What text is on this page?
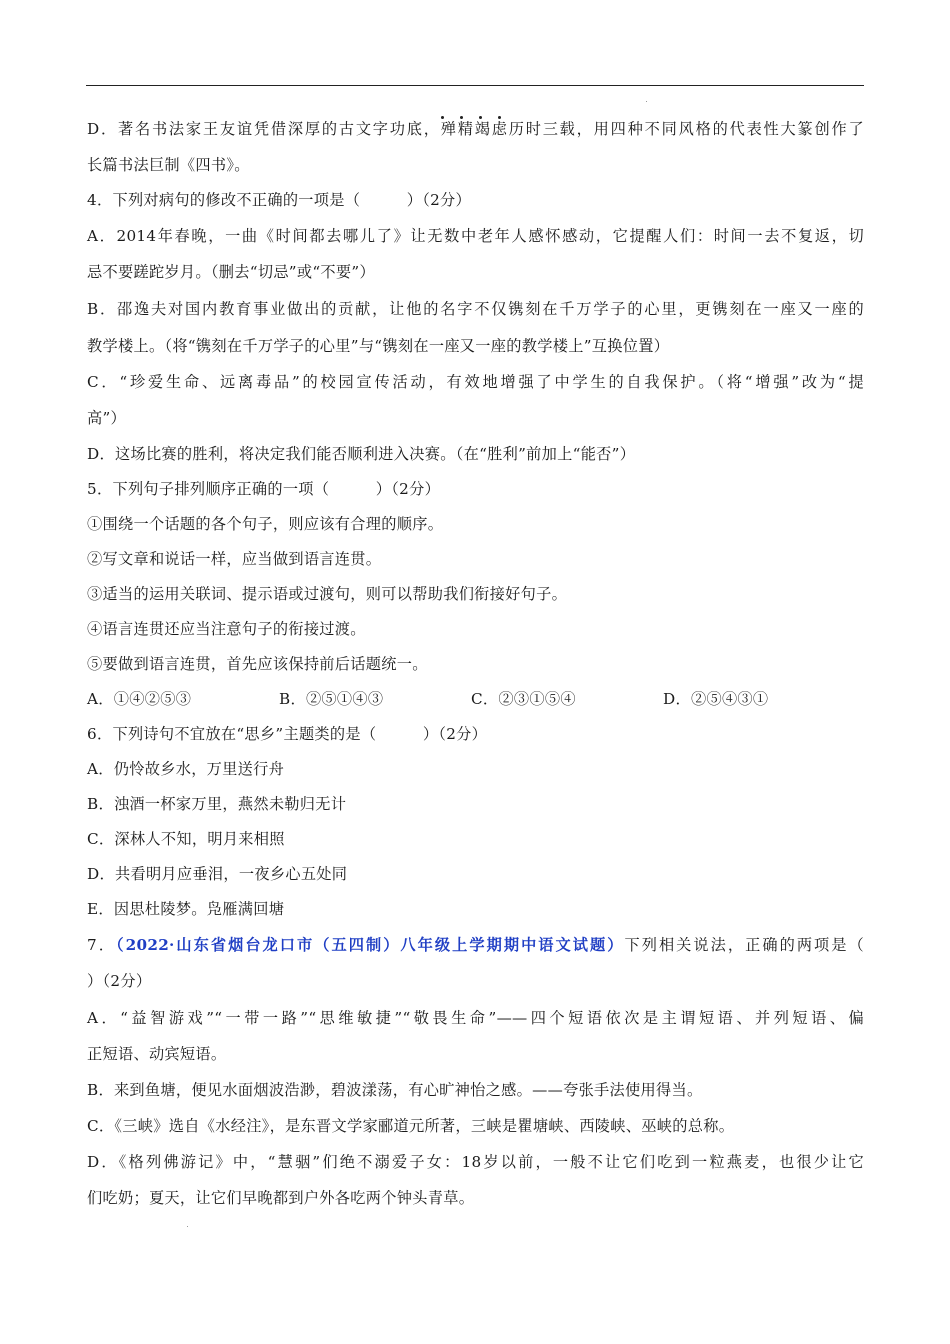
D．著名书法家王友谊凭借深厚的古文字功底，殚精竭虑历时三载，用四种不同风格的代表性大篆创作了
长篇书法巨制《四书》。
4．下列对病句的修改不正确的一项是（　　　）（2分）
A．2014年春晚，一曲《时间都去哪儿了》让无数中老年人感怀感动，它提醒人们：时间一去不复返，切
忌不要蹉跎岁月。（删去“切忌”或“不要”）
B．邵逸夫对国内教育事业做出的贡献，让他的名字不仅镌刻在千万学子的心里，更镌刻在一座又一座的
教学楼上。（将“镌刻在千万学子的心里”与“镌刻在一座又一座的教学楼上”互换位置）
C．“珍爱生命、远离毒品”的校园宣传活动，有效地增强了中学生的自我保护。（将“增强”改为“提
高”）
D．这场比赛的胜利，将决定我们能否顺利进入决赛。（在“胜利”前加上“能否”）
5．下列句子排列顺序正确的一项（　　　）（2分）
①围绕一个话题的各个句子，则应该有合理的顺序。
②写文章和说话一样，应当做到语言连贯。
③适当的运用关联词、提示语或过渡句，则可以帮助我们衔接好句子。
④语言连贯还应当注意句子的衔接过渡。
⑤要做到语言连贯，首先应该保持前后话题统一。
A．①④②⑤③	B．②⑤①④③	C．②③①⑤④	D．②⑤④③①
6．下列诗句不宜放在“思乡”主题类的是（　　　）（2分）
A．仍怜故乡水，万里送行舟
B．浊酒一杯家万里，燕然未勒归无计
C．深林人不知，明月来相照
D．共看明月应垂泪，一夜乡心五处同
E．因思杜陵梦。凫雁满回塘
7．（2022·山东省烟台龙口市（五四制）八年级上学期期中语文试题）下列相关说法，正确的两项是（
）（2分）
A．“益智游戏”“一带一路”“思维敏捷”“敬畏生命”——四个短语依次是主谓短语、并列短语、偏
正短语、动宾短语。
B．来到鱼塘，便见水面烟波浩渺，碧波漾荡，有心旷神怡之感。——夸张手法使用得当。
C．《三峡》选自《水经注》，是东晋文学家郦道元所著，三峡是瞿塘峡、西陵峡、巫峡的总称。
D．《格列佛游记》中，“慧骃”们绝不溺爱子女：18岁以前，一般不让它们吃到一粒燕麦，也很少让它
们吃奶；夏天，让它们早晚都到户外各吃两个钟头青草。
